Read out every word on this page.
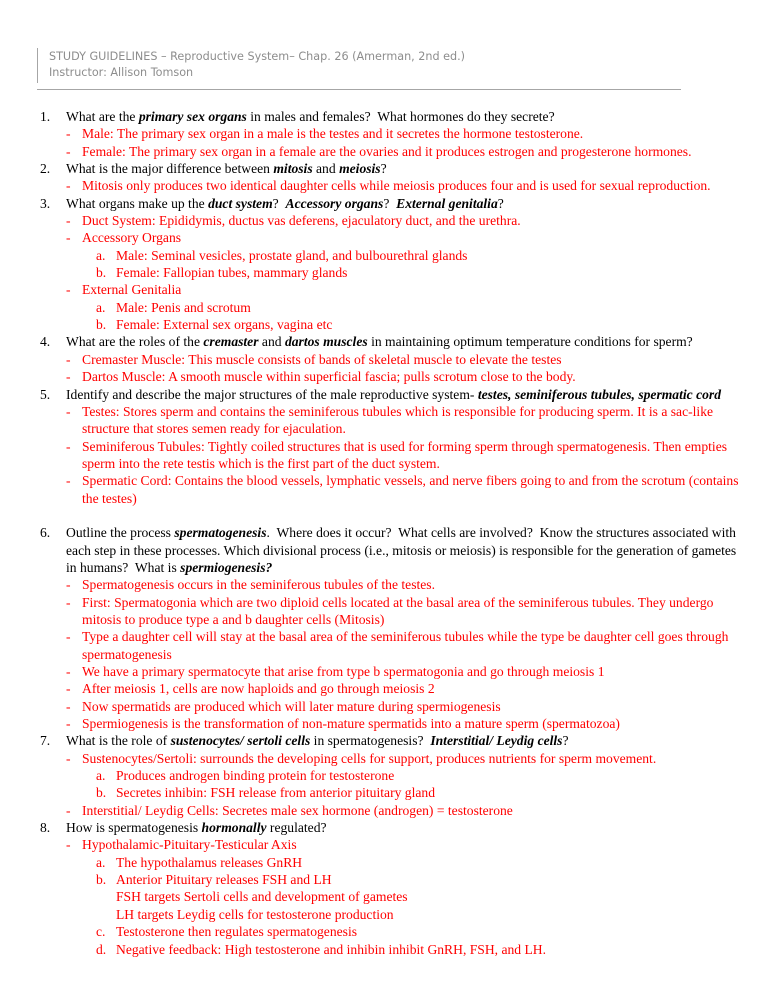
STUDY GUIDELINES – Reproductive System– Chap. 26 (Amerman, 2nd ed.)
Instructor: Allison Tomson
1.	What are the primary sex organs in males and females?  What hormones do they secrete?
- Male: The primary sex organ in a male is the testes and it secretes the hormone testosterone.
- Female: The primary sex organ in a female are the ovaries and it produces estrogen and progesterone hormones.
2.	What is the major difference between mitosis and meiosis?
- Mitosis only produces two identical daughter cells while meiosis produces four and is used for sexual reproduction.
3.	What organs make up the duct system?  Accessory organs?  External genitalia?
- Duct System: Epididymis, ductus vas deferens, ejaculatory duct, and the urethra.
- Accessory Organs
a. Male: Seminal vesicles, prostate gland, and bulbourethral glands
b. Female: Fallopian tubes, mammary glands
- External Genitalia
a. Male: Penis and scrotum
b. Female: External sex organs, vagina etc
4.	What are the roles of the cremaster and dartos muscles in maintaining optimum temperature conditions for sperm?
- Cremaster Muscle: This muscle consists of bands of skeletal muscle to elevate the testes
- Dartos Muscle: A smooth muscle within superficial fascia; pulls scrotum close to the body.
5.	Identify and describe the major structures of the male reproductive system- testes, seminiferous tubules, spermatic cord
- Testes: Stores sperm and contains the seminiferous tubules which is responsible for producing sperm. It is a sac-like structure that stores semen ready for ejaculation.
- Seminiferous Tubules: Tightly coiled structures that is used for forming sperm through spermatogenesis. Then empties sperm into the rete testis which is the first part of the duct system.
- Spermatic Cord: Contains the blood vessels, lymphatic vessels, and nerve fibers going to and from the scrotum (contains the testes)
6.	Outline the process spermatogenesis.  Where does it occur?  What cells are involved?  Know the structures associated with each step in these processes. Which divisional process (i.e., mitosis or meiosis) is responsible for the generation of gametes in humans?  What is spermiogenesis?
- Spermatogenesis occurs in the seminiferous tubules of the testes.
- First: Spermatogonia which are two diploid cells located at the basal area of the seminiferous tubules. They undergo mitosis to produce type a and b daughter cells (Mitosis)
- Type a daughter cell will stay at the basal area of the seminiferous tubules while the type be daughter cell goes through spermatogenesis
- We have a primary spermatocyte that arise from type b spermatogonia and go through meiosis 1
- After meiosis 1, cells are now haploids and go through meiosis 2
- Now spermatids are produced which will later mature during spermiogenesis
- Spermiogenesis is the transformation of non-mature spermatids into a mature sperm (spermatozoa)
7.	What is the role of sustenocytes/ sertoli cells in spermatogenesis?  Interstitial/ Leydig cells?
- Sustenocytes/Sertoli: surrounds the developing cells for support, produces nutrients for sperm movement.
a. Produces androgen binding protein for testosterone
b. Secretes inhibin: FSH release from anterior pituitary gland
- Interstitial/ Leydig Cells: Secretes male sex hormone (androgen) = testosterone
8.	How is spermatogenesis hormonally regulated?
- Hypothalamic-Pituitary-Testicular Axis
a. The hypothalamus releases GnRH
b. Anterior Pituitary releases FSH and LH
FSH targets Sertoli cells and development of gametes
LH targets Leydig cells for testosterone production
c. Testosterone then regulates spermatogenesis
d. Negative feedback: High testosterone and inhibin inhibit GnRH, FSH, and LH.
